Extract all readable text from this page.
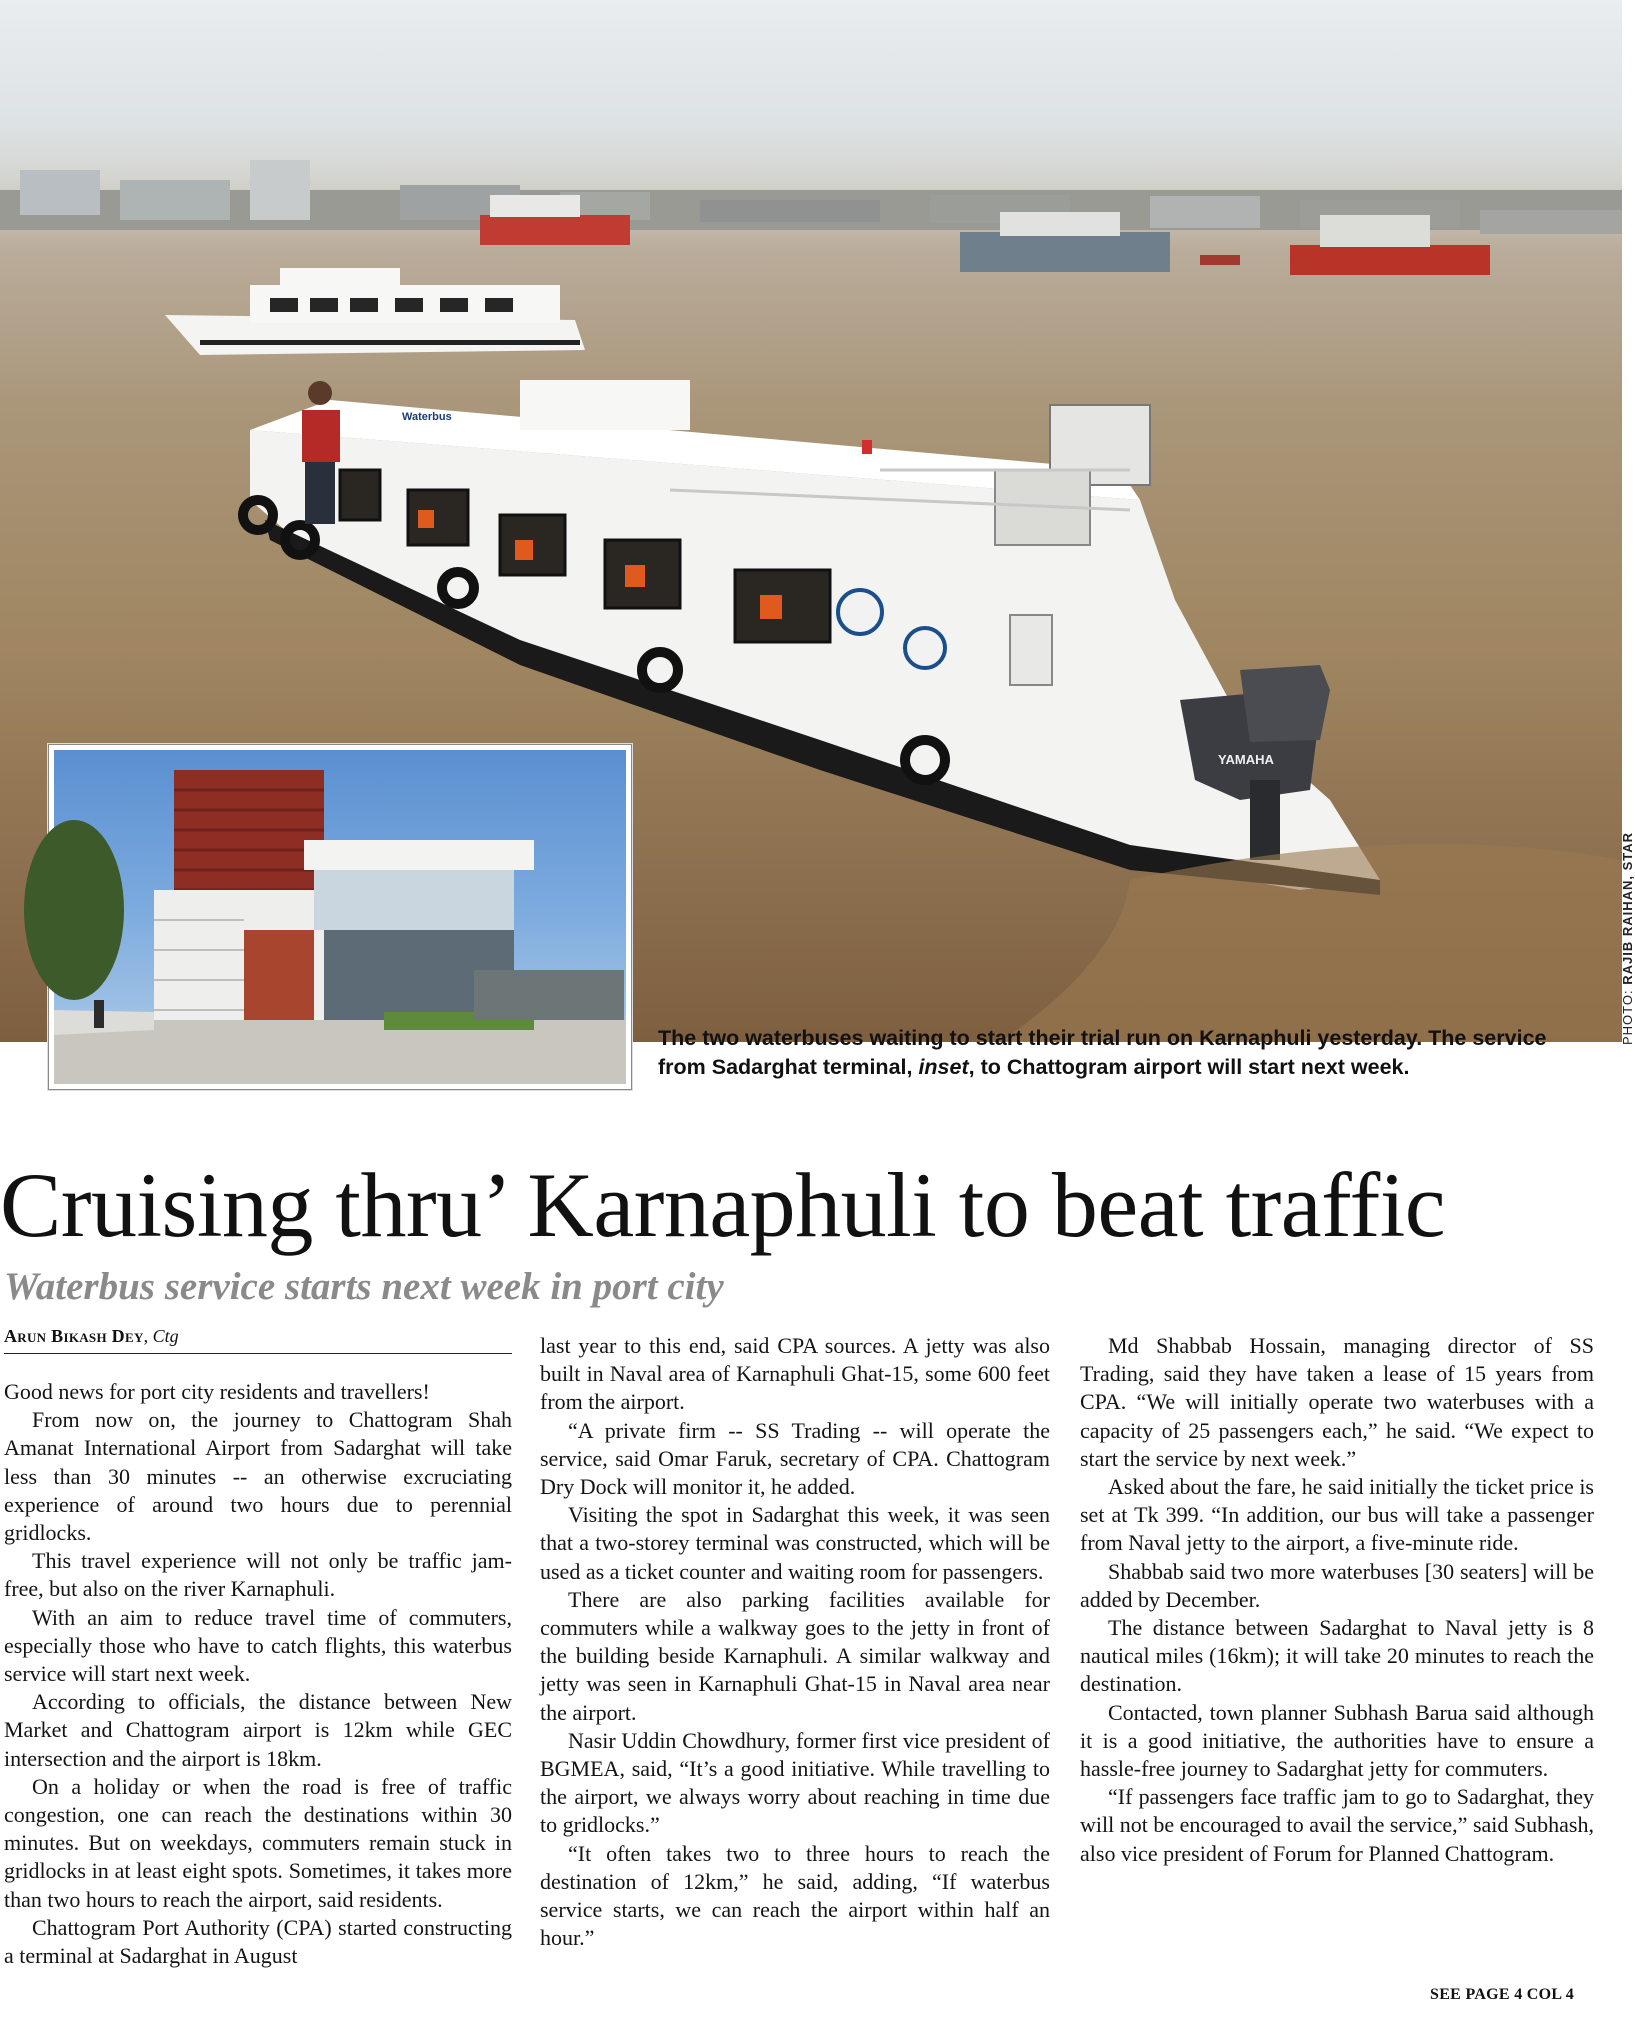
YAMAHA
Waterbus
PHOTO: RAJIB RAIHAN, STAR
The two waterbuses waiting to start their trial run on Karnaphuli yesterday. The service from Sadarghat terminal, inset, to Chattogram airport will start next week.
Cruising thru’ Karnaphuli to beat traffic
Waterbus service starts next week in port city
Arun Bikash Dey, Ctg

Good news for port city residents and travellers!

From now on, the journey to Chattogram Shah Amanat International Airport from Sadarghat will take less than 30 minutes -- an otherwise excruciating experience of around two hours due to perennial gridlocks.

This travel experience will not only be traffic jam-free, but also on the river Karnaphuli.

With an aim to reduce travel time of commuters, especially those who have to catch flights, this waterbus service will start next week.

According to officials, the distance between New Market and Chattogram airport is 12km while GEC intersection and the airport is 18km.

On a holiday or when the road is free of traffic congestion, one can reach the destinations within 30 minutes. But on weekdays, commuters remain stuck in gridlocks in at least eight spots. Sometimes, it takes more than two hours to reach the airport, said residents.

Chattogram Port Authority (CPA) started constructing a terminal at Sadarghat in August

last year to this end, said CPA sources. A jetty was also built in Naval area of Karnaphuli Ghat-15, some 600 feet from the airport.

“A private firm -- SS Trading -- will operate the service, said Omar Faruk, secretary of CPA. Chattogram Dry Dock will monitor it, he added.

Visiting the spot in Sadarghat this week, it was seen that a two-storey terminal was constructed, which will be used as a ticket counter and waiting room for passengers.

There are also parking facilities available for commuters while a walkway goes to the jetty in front of the building beside Karnaphuli. A similar walkway and jetty was seen in Karnaphuli Ghat-15 in Naval area near the airport.

Nasir Uddin Chowdhury, former first vice president of BGMEA, said, “It’s a good initiative. While travelling to the airport, we always worry about reaching in time due to gridlocks.”

“It often takes two to three hours to reach the destination of 12km,” he said, adding, “If waterbus service starts, we can reach the airport within half an hour.”

Md Shabbab Hossain, managing director of SS Trading, said they have taken a lease of 15 years from CPA. “We will initially operate two waterbuses with a capacity of 25 passengers each,” he said. “We expect to start the service by next week.”

Asked about the fare, he said initially the ticket price is set at Tk 399. “In addition, our bus will take a passenger from Naval jetty to the airport, a five-minute ride.

Shabbab said two more waterbuses [30 seaters] will be added by December.

The distance between Sadarghat to Naval jetty is 8 nautical miles (16km); it will take 20 minutes to reach the destination.

Contacted, town planner Subhash Barua said although it is a good initiative, the authorities have to ensure a hassle-free journey to Sadarghat jetty for commuters.

“If passengers face traffic jam to go to Sadarghat, they will not be encouraged to avail the service,” said Subhash, also vice president of Forum for Planned Chattogram.

SEE PAGE 4 COL 4
